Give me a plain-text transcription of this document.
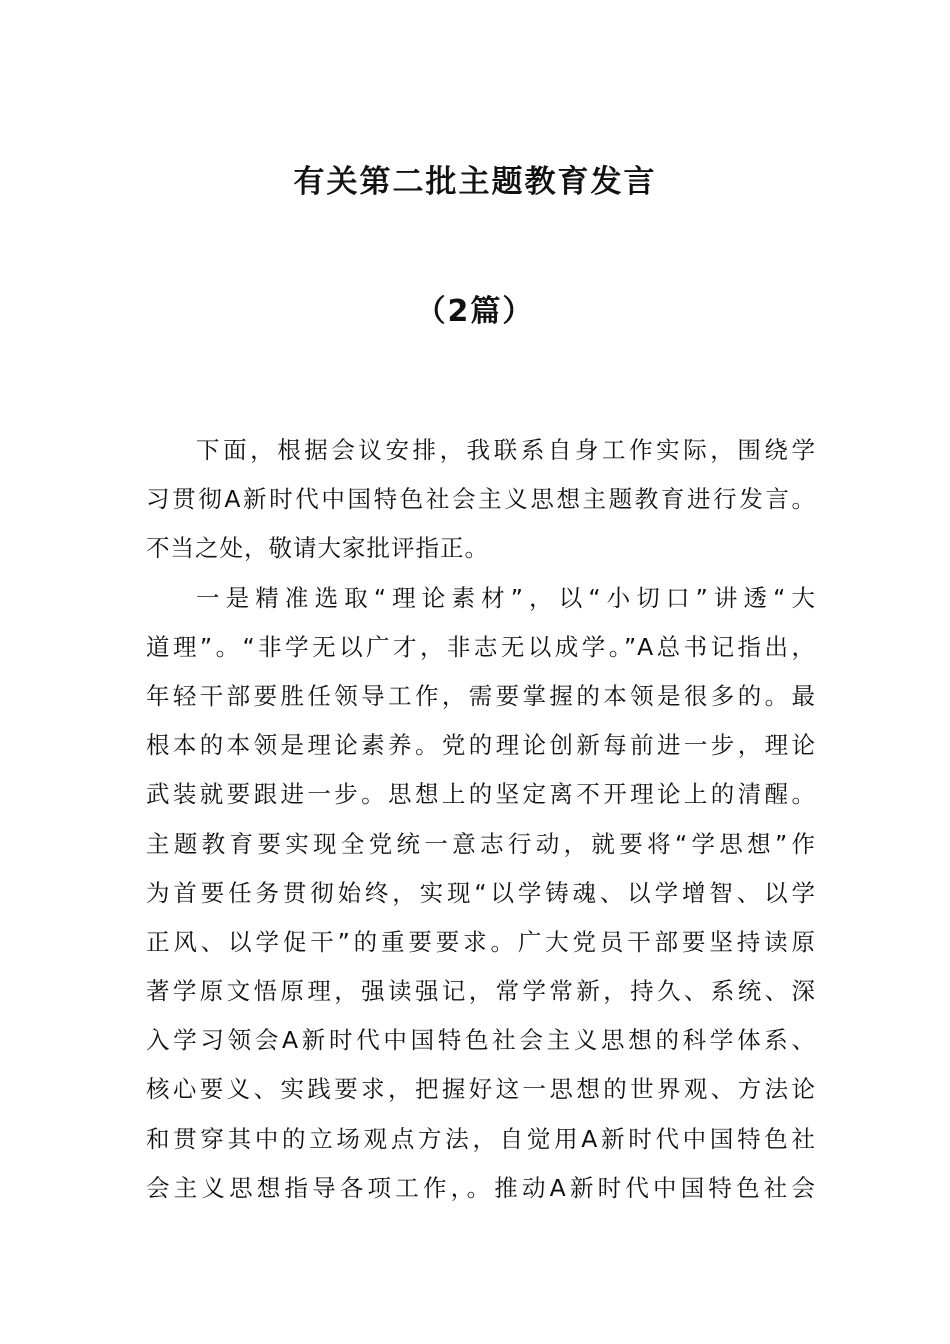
有关第二批主题教育发言
（2篇）
下面，根据会议安排，我联系自身工作实际，围绕学
习贯彻A新时代中国特色社会主义思想主题教育进行发言。
不当之处，敬请大家批评指正。
一是精准选取“理论素材”，以“小切口”讲透“大
道理”。“非学无以广才，非志无以成学。”A总书记指出，
年轻干部要胜任领导工作，需要掌握的本领是很多的。最
根本的本领是理论素养。党的理论创新每前进一步，理论
武装就要跟进一步。思想上的坚定离不开理论上的清醒。
主题教育要实现全党统一意志行动，就要将“学思想”作
为首要任务贯彻始终，实现“以学铸魂、以学增智、以学
正风、以学促干”的重要要求。广大党员干部要坚持读原
著学原文悟原理，强读强记，常学常新，持久、系统、深
入学习领会A新时代中国特色社会主义思想的科学体系、
核心要义、实践要求，把握好这一思想的世界观、方法论
和贯穿其中的立场观点方法，自觉用A新时代中国特色社
会主义思想指导各项工作，。推动A新时代中国特色社会
